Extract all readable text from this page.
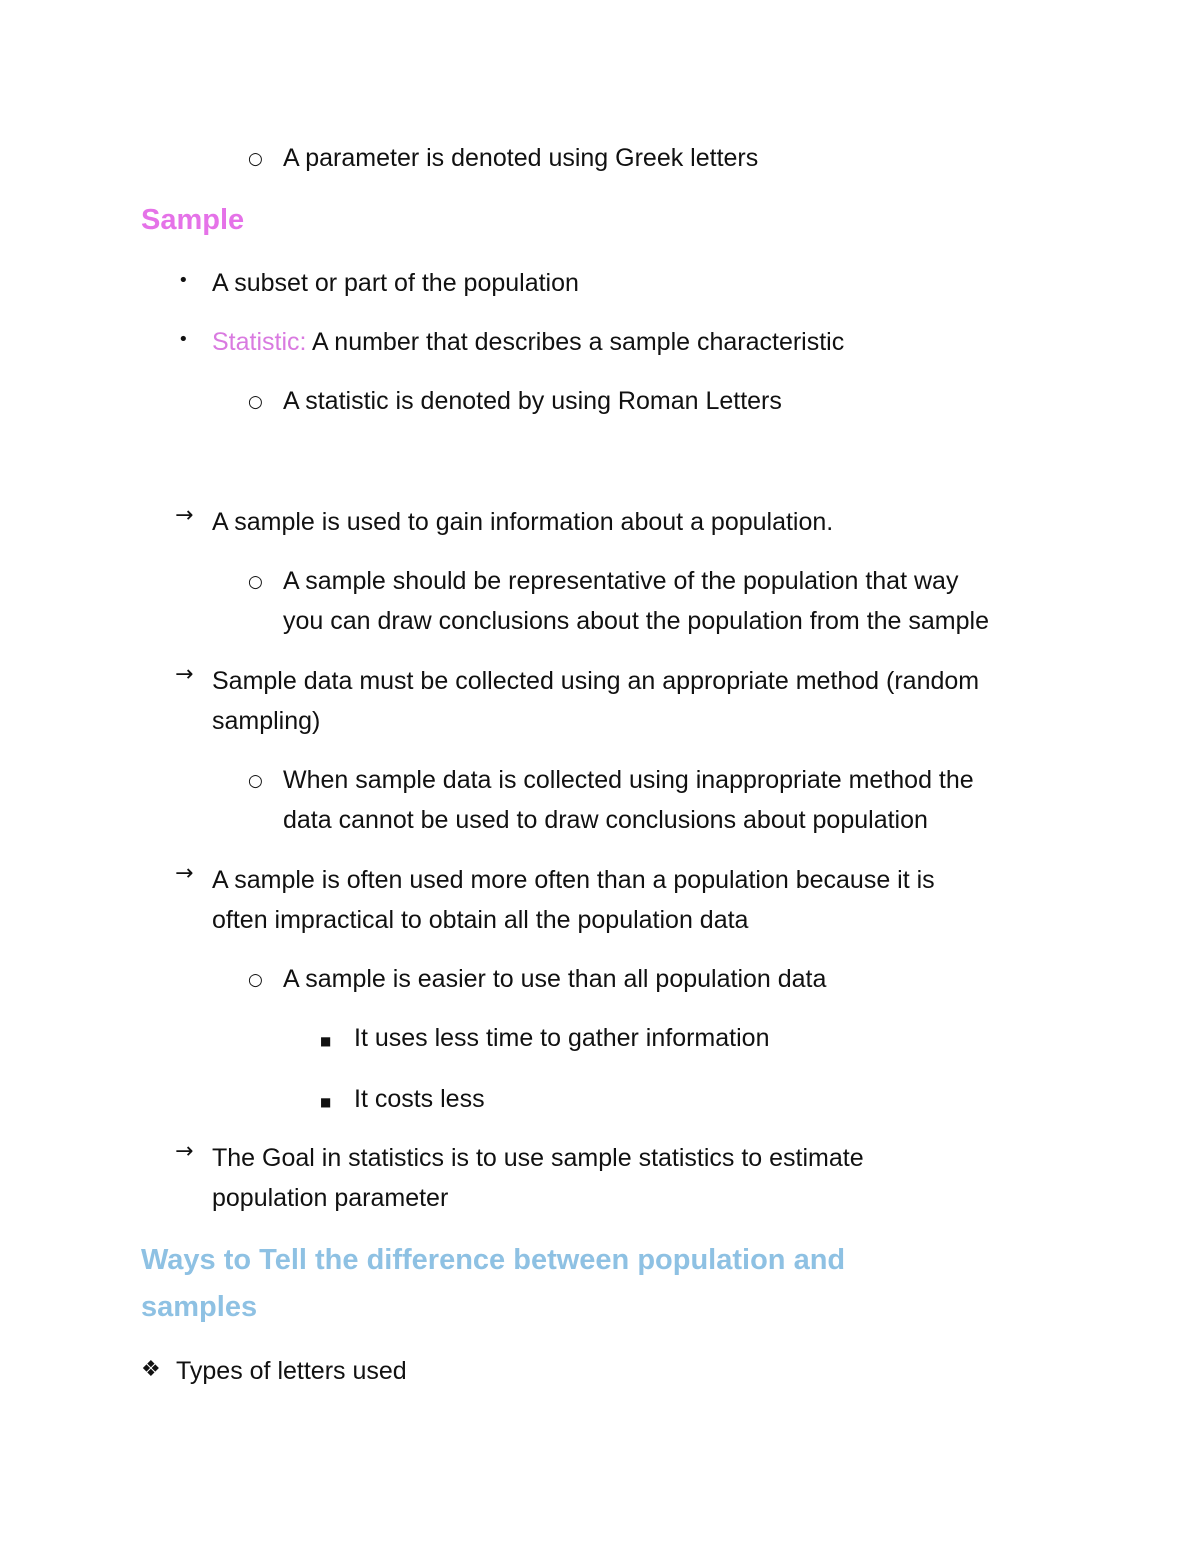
○ A parameter is denoted using Greek letters
Sample
• A subset or part of the population
• Statistic: A number that describes a sample characteristic
○ A statistic is denoted by using Roman Letters
→ A sample is used to gain information about a population.
○ A sample should be representative of the population that way
you can draw conclusions about the population from the sample
→ Sample data must be collected using an appropriate method (random
sampling)
○ When sample data is collected using inappropriate method the
data cannot be used to draw conclusions about population
→ A sample is often used more often than a population because it is
often impractical to obtain all the population data
○ A sample is easier to use than all population data
■ It uses less time to gather information
■ It costs less
→ The Goal in statistics is to use sample statistics to estimate
population parameter
Ways to Tell the difference between population and
samples
❖ Types of letters used
